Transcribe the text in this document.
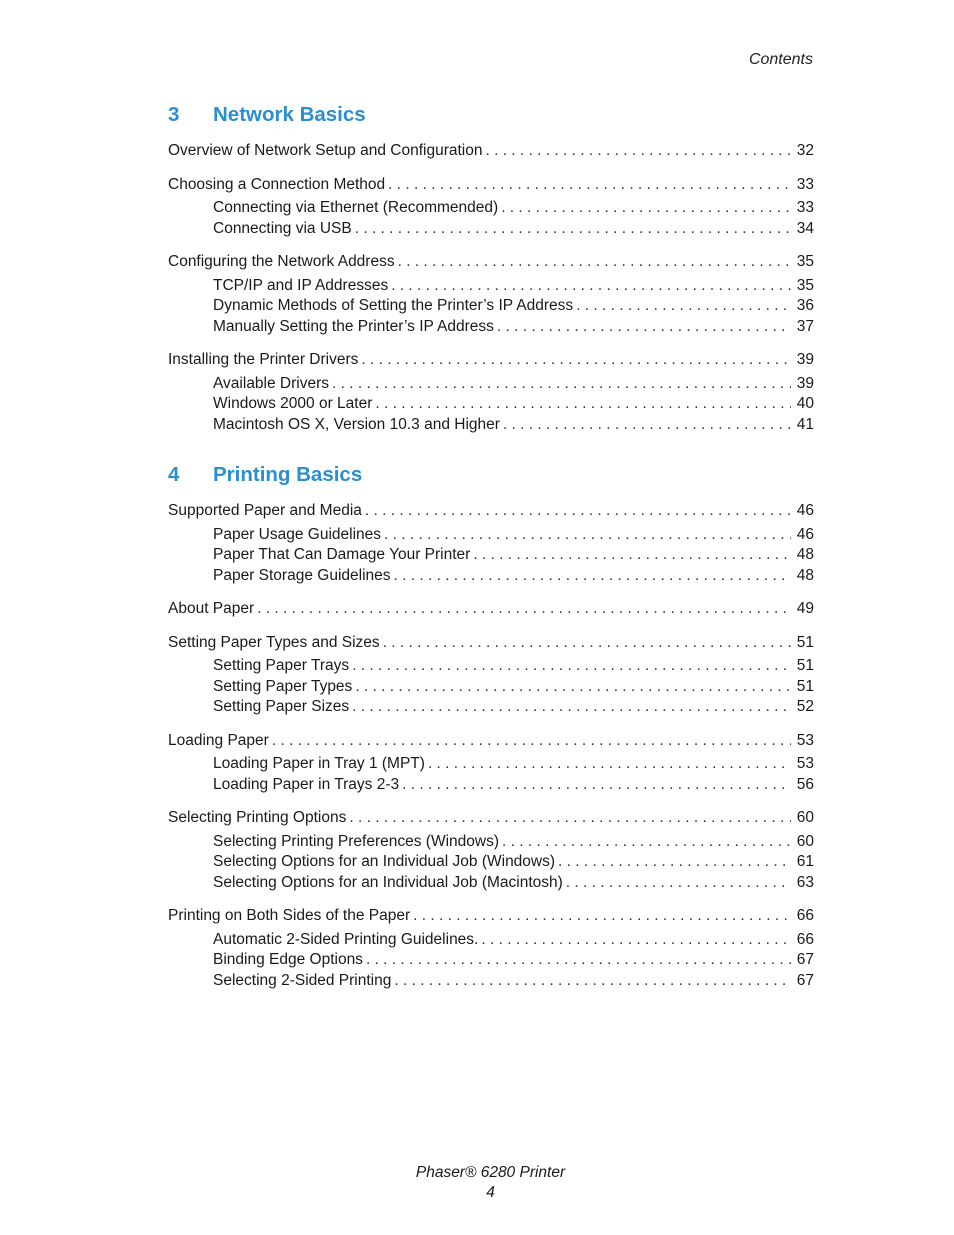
Contents
3	Network Basics
Overview of Network Setup and Configuration . . .	32
Choosing a Connection Method . . .	33
Connecting via Ethernet (Recommended) . . .	33
Connecting via USB . . .	34
Configuring the Network Address . . .	35
TCP/IP and IP Addresses . . .	35
Dynamic Methods of Setting the Printer’s IP Address . . .	36
Manually Setting the Printer’s IP Address . . .	37
Installing the Printer Drivers . . .	39
Available Drivers . . .	39
Windows 2000 or Later . . .	40
Macintosh OS X, Version 10.3 and Higher . . .	41
4	Printing Basics
Supported Paper and Media . . .	46
Paper Usage Guidelines . . .	46
Paper That Can Damage Your Printer . . .	48
Paper Storage Guidelines . . .	48
About Paper . . .	49
Setting Paper Types and Sizes . . .	51
Setting Paper Trays . . .	51
Setting Paper Types . . .	51
Setting Paper Sizes . . .	52
Loading Paper . . .	53
Loading Paper in Tray 1 (MPT) . . .	53
Loading Paper in Trays 2-3 . . .	56
Selecting Printing Options . . .	60
Selecting Printing Preferences (Windows) . . .	60
Selecting Options for an Individual Job (Windows) . . .	61
Selecting Options for an Individual Job (Macintosh) . . .	63
Printing on Both Sides of the Paper . . .	66
Automatic 2-Sided Printing Guidelines. . . .	66
Binding Edge Options . . .	67
Selecting 2-Sided Printing . . .	67
Phaser® 6280 Printer
4
